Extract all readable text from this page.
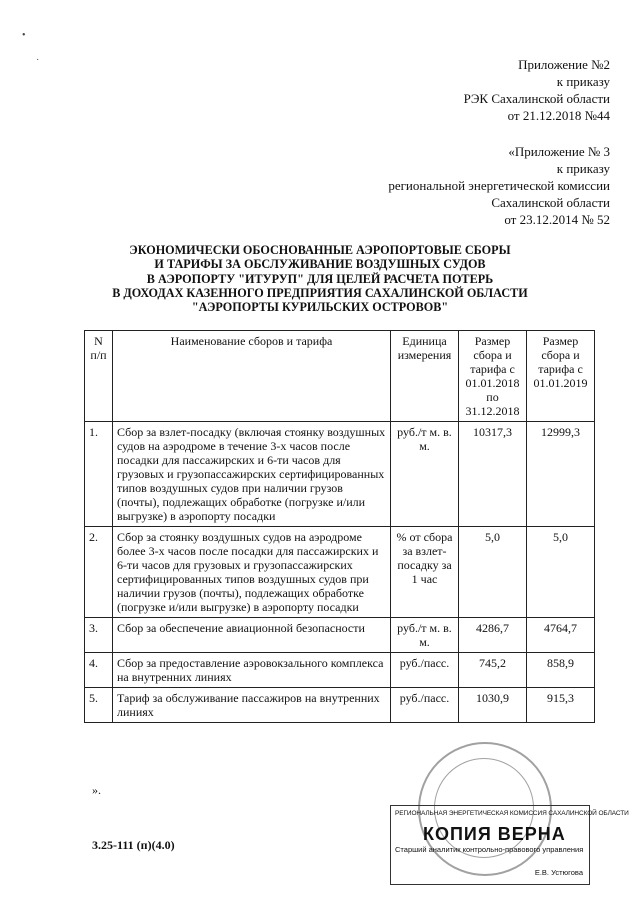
•
˙	Приложение №2
к приказу
РЭК Сахалинской области
от 21.12.2018 №44
«Приложение № 3
к приказу
региональной энергетической комиссии
Сахалинской области
от 23.12.2014 № 52
ЭКОНОМИЧЕСКИ ОБОСНОВАННЫЕ АЭРОПОРТОВЫЕ СБОРЫ
И ТАРИФЫ ЗА ОБСЛУЖИВАНИЕ ВОЗДУШНЫХ СУДОВ
В АЭРОПОРТУ "ИТУРУП" ДЛЯ ЦЕЛЕЙ РАСЧЕТА ПОТЕРЬ
В ДОХОДАХ КАЗЕННОГО ПРЕДПРИЯТИЯ САХАЛИНСКОЙ ОБЛАСТИ
"АЭРОПОРТЫ КУРИЛЬСКИХ ОСТРОВОВ"
N п/п	Наименование сборов и тарифа	Единица измерения	Размер сбора и тарифа с 01.01.2018 по 31.12.2018	Размер сбора и тарифа с 01.01.2019
1.	Сбор за взлет-посадку (включая стоянку воздушных судов на аэродроме в течение 3-х часов после посадки для пассажирских и 6-ти часов для грузовых и грузопассажирских сертифицированных типов воздушных судов при наличии грузов (почты), подлежащих обработке (погрузке и/или выгрузке) в аэропорту посадки	руб./т м. в. м.	10317,3	12999,3
2.	Сбор за стоянку воздушных судов на аэродроме более 3-х часов после посадки для пассажирских и 6-ти часов для грузовых и грузопассажирских сертифицированных типов воздушных судов при наличии грузов (почты), подлежащих обработке (погрузке и/или выгрузке) в аэропорту посадки	% от сбора за взлет-посадку за 1 час	5,0	5,0
3.	Сбор за обеспечение авиационной безопасности	руб./т м. в. м.	4286,7	4764,7
4.	Сбор за предоставление аэровокзального комплекса на внутренних линиях	руб./пасс.	745,2	858,9
5.	Тариф за обслуживание пассажиров на внутренних линиях	руб./пасс.	1030,9	915,3
».
3.25-111 (п)(4.0)
РЕГИОНАЛЬНАЯ ЭНЕРГЕТИЧЕСКАЯ КОМИССИЯ САХАЛИНСКОЙ ОБЛАСТИ
КОПИЯ ВЕРНА
Старший аналитик контрольно-правового управления
Е.В. Устюгова
